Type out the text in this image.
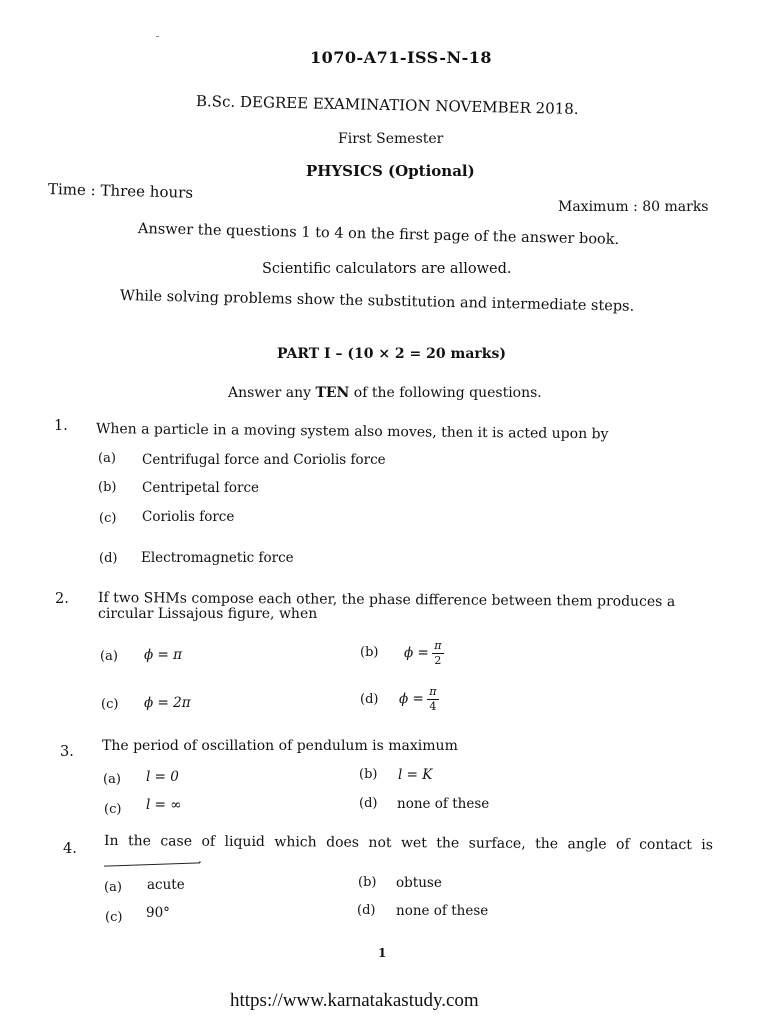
1070-A71-ISS-N-18
B.Sc. DEGREE EXAMINATION NOVEMBER 2018.
First Semester
PHYSICS (Optional)
Time : Three hours
Maximum : 80 marks
Answer the questions 1 to 4 on the first page of the answer book.
Scientific calculators are allowed.
While solving problems show the substitution and intermediate steps.
PART I – (10 × 2 = 20 marks)
Answer any TEN of the following questions.
1. When a particle in a moving system also moves, then it is acted upon by
(a) Centrifugal force and Coriolis force
(b) Centripetal force
(c) Coriolis force
(d) Electromagnetic force
2. If two SHMs compose each other, the phase difference between them produces a
circular Lissajous figure, when
(a) ϕ = π	(b) $\phi = \frac{\pi}{2}$
(c) ϕ = 2π	(d) $\phi = \frac{\pi}{4}$
3. The period of oscillation of pendulum is maximum
(a) l = 0	(b) l = K
(c) l = ∞	(d) none of these
4. In the case of liquid which does not wet the surface, the angle of contact is
.
(a) acute	(b) obtuse
(c) 90°	(d) none of these
1
https://www.karnatakastudy.com
